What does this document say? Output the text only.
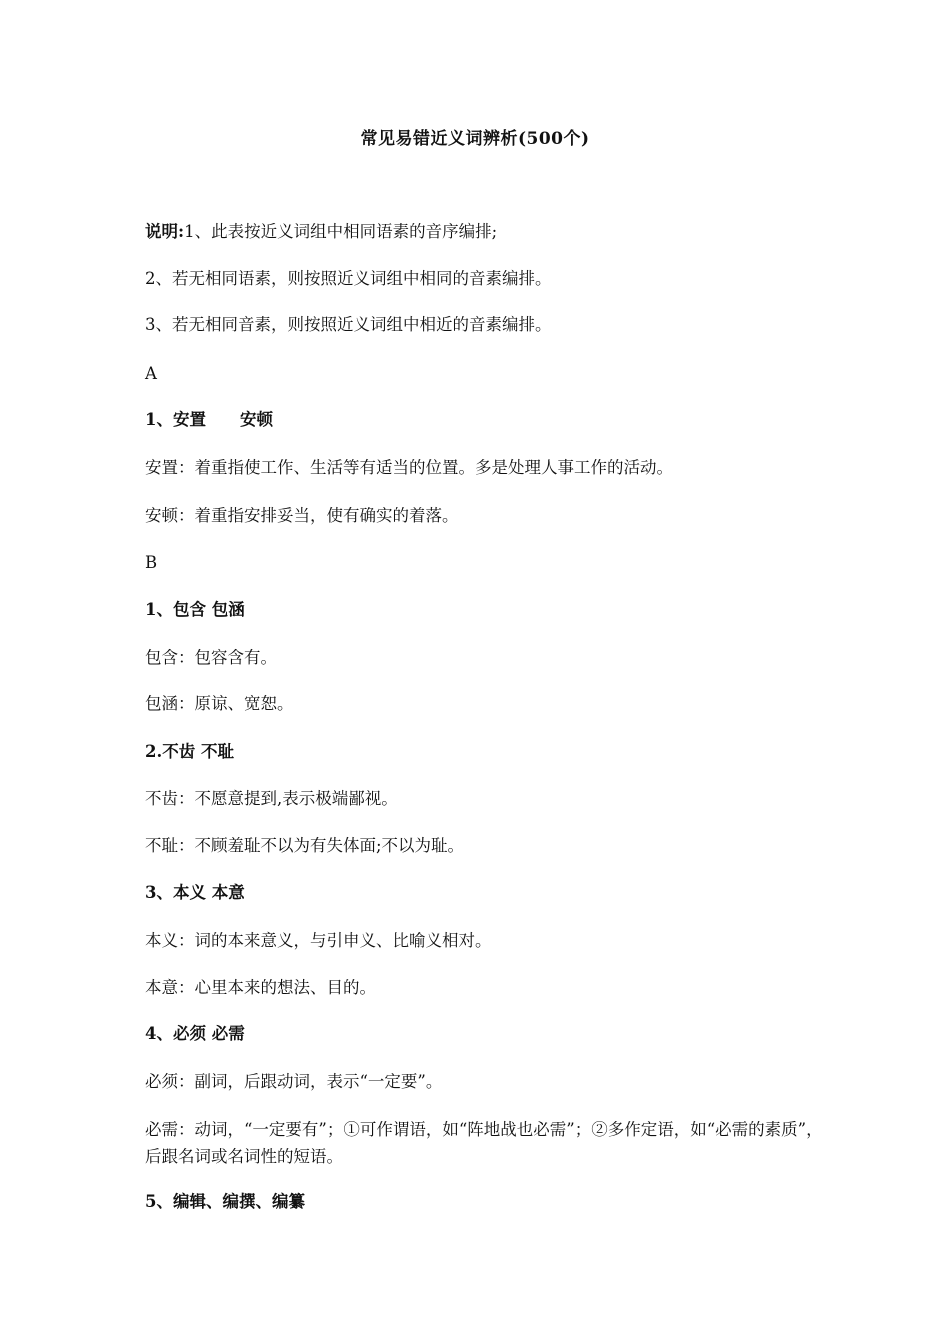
常见易错近义词辨析(500个)
说明:1、此表按近义词组中相同语素的音序编排;
2、若无相同语素，则按照近义词组中相同的音素编排。
3、若无相同音素，则按照近义词组中相近的音素编排。
A
1、安置 安顿
安置：着重指使工作、生活等有适当的位置。多是处理人事工作的活动。
安顿：着重指安排妥当，使有确实的着落。
B
1、包含 包涵
包含：包容含有。
包涵：原谅、宽恕。
2.不齿 不耻
不齿：不愿意提到,表示极端鄙视。
不耻：不顾羞耻不以为有失体面;不以为耻。
3、本义 本意
本义：词的本来意义，与引申义、比喻义相对。
本意：心里本来的想法、目的。
4、必须 必需
必须：副词，后跟动词，表示“一定要”。
必需：动词，“一定要有”；①可作谓语，如“阵地战也必需”；②多作定语，如“必需的素质”，后跟名词或名词性的短语。
5、编辑、编撰、编纂
